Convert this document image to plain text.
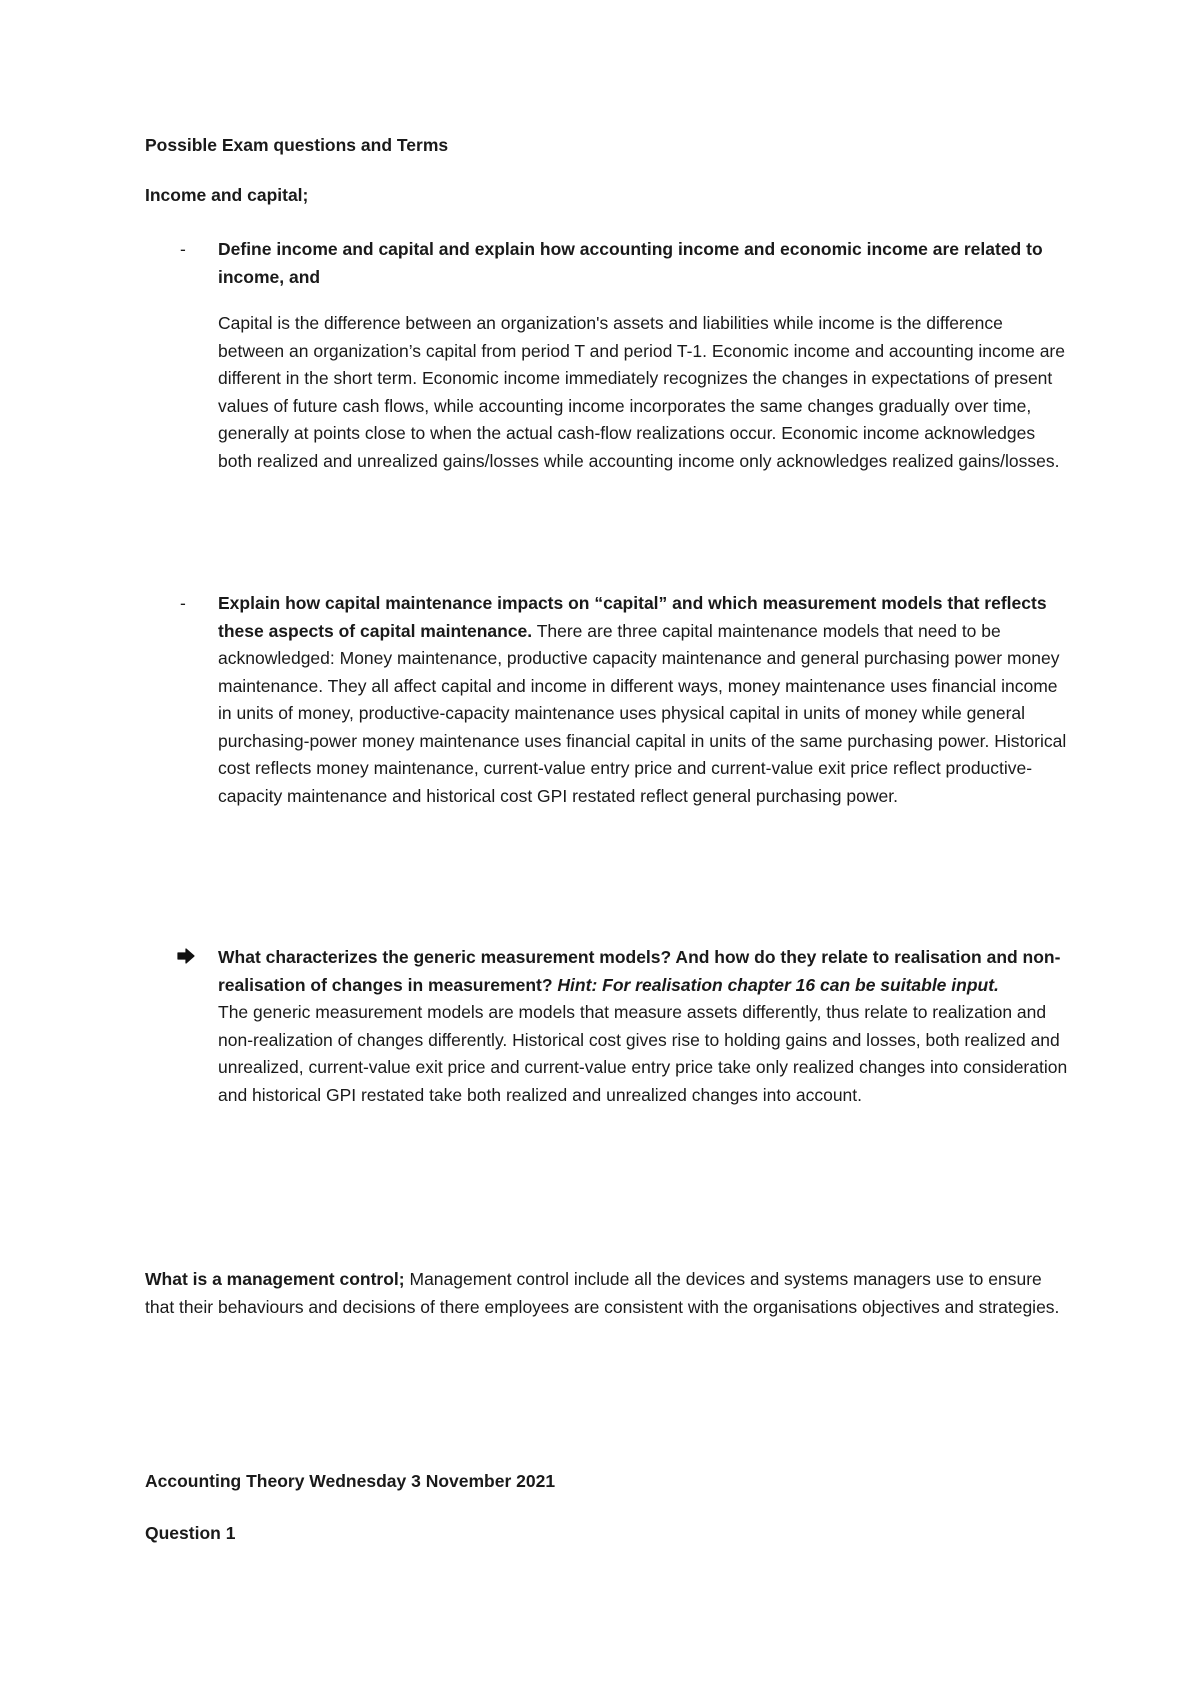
Possible Exam questions and Terms

Income and capital;

- Define income and capital and explain how accounting income and economic income are related to income, and

Capital is the difference between an organization's assets and liabilities while income is the difference between an organization’s capital from period T and period T-1. Economic income and accounting income are different in the short term. Economic income immediately recognizes the changes in expectations of present values of future cash flows, while accounting income incorporates the same changes gradually over time, generally at points close to when the actual cash-flow realizations occur. Economic income acknowledges both realized and unrealized gains/losses while accounting income only acknowledges realized gains/losses.

- Explain how capital maintenance impacts on “capital” and which measurement models that reflects these aspects of capital maintenance. There are three capital maintenance models that need to be acknowledged: Money maintenance, productive capacity maintenance and general purchasing power money maintenance. They all affect capital and income in different ways, money maintenance uses financial income in units of money, productive-capacity maintenance uses physical capital in units of money while general purchasing-power money maintenance uses financial capital in units of the same purchasing power. Historical cost reflects money maintenance, current-value entry price and current-value exit price reflect productive-capacity maintenance and historical cost GPI restated reflect general purchasing power.

What characterizes the generic measurement models? And how do they relate to realisation and non-realisation of changes in measurement? Hint: For realisation chapter 16 can be suitable input.
The generic measurement models are models that measure assets differently, thus relate to realization and non-realization of changes differently. Historical cost gives rise to holding gains and losses, both realized and unrealized, current-value exit price and current-value entry price take only realized changes into consideration and historical GPI restated take both realized and unrealized changes into account.

What is a management control; Management control include all the devices and systems managers use to ensure that their behaviours and decisions of there employees are consistent with the organisations objectives and strategies.

Accounting Theory Wednesday 3 November 2021

Question 1
